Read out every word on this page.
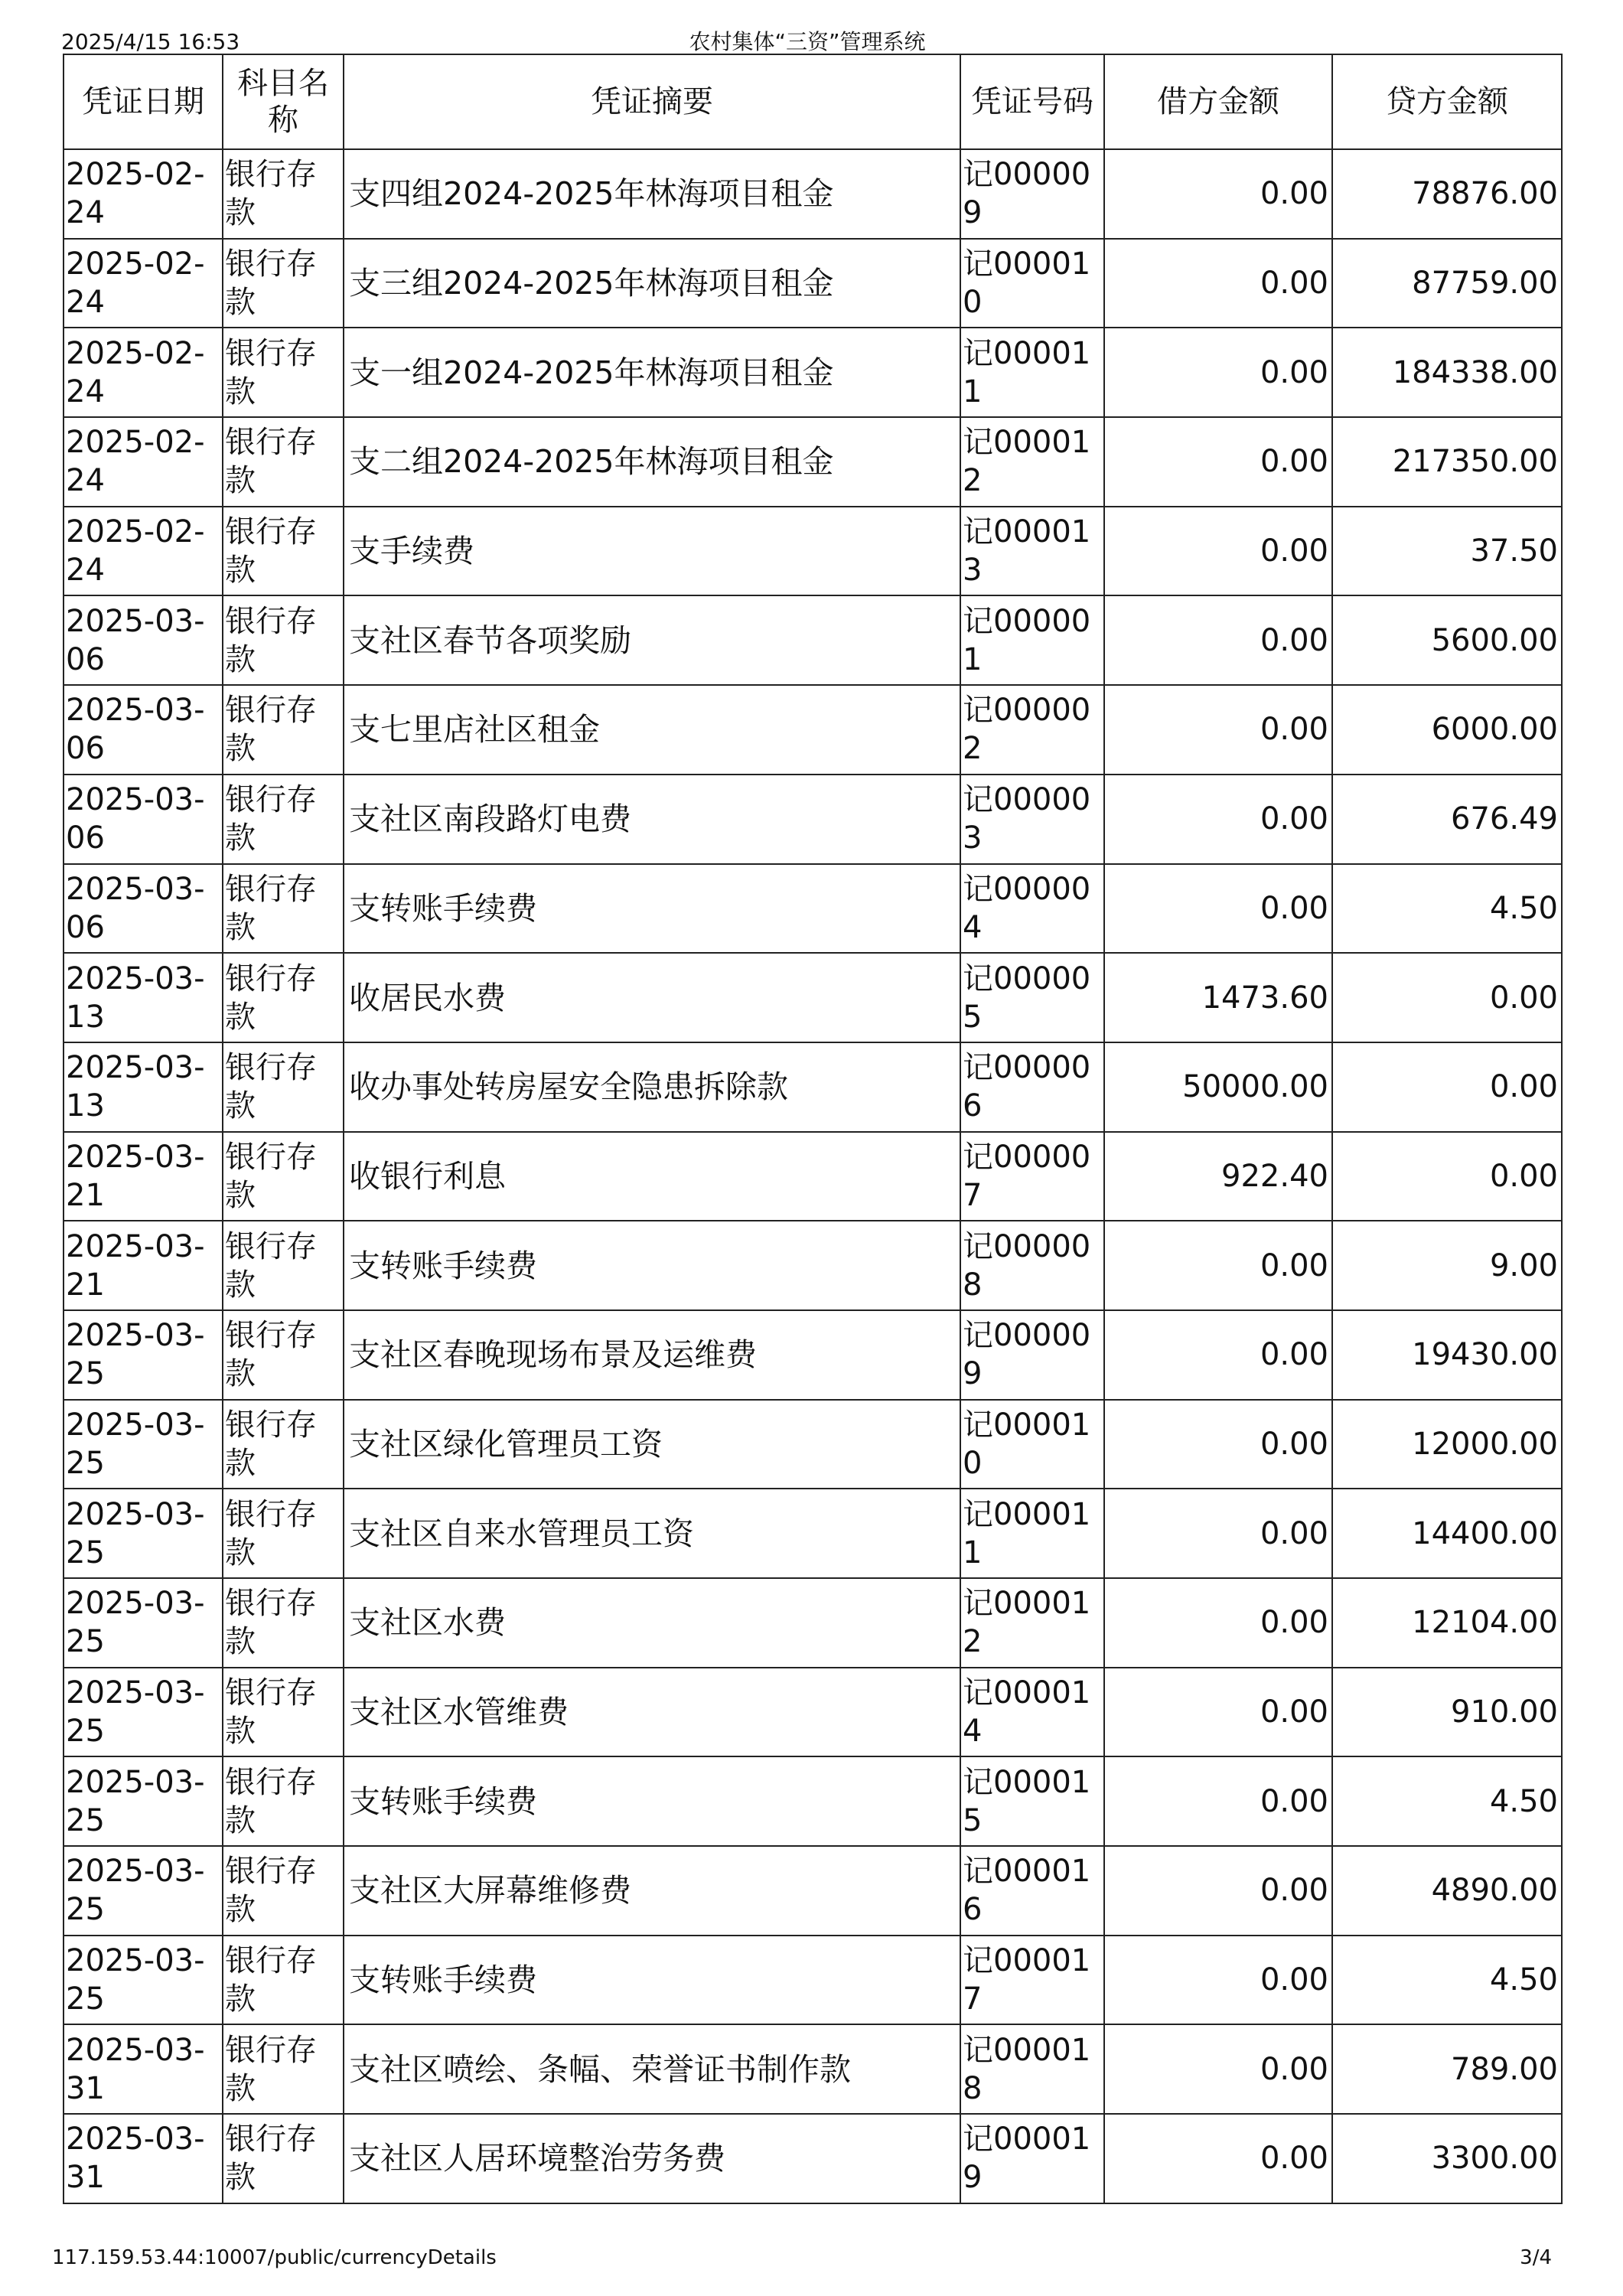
2025/4/15 16:53	农村集体“三资”管理系统
凭证日期	科目名称	凭证摘要	凭证号码	借方金额	贷方金额
2025-02-24	银行存款	支四组2024-2025年林海项目租金	记000009	0.00	78876.00
2025-02-24	银行存款	支三组2024-2025年林海项目租金	记000010	0.00	87759.00
2025-02-24	银行存款	支一组2024-2025年林海项目租金	记000011	0.00	184338.00
2025-02-24	银行存款	支二组2024-2025年林海项目租金	记000012	0.00	217350.00
2025-02-24	银行存款	支手续费	记000013	0.00	37.50
2025-03-06	银行存款	支社区春节各项奖励	记000001	0.00	5600.00
2025-03-06	银行存款	支七里店社区租金	记000002	0.00	6000.00
2025-03-06	银行存款	支社区南段路灯电费	记000003	0.00	676.49
2025-03-06	银行存款	支转账手续费	记000004	0.00	4.50
2025-03-13	银行存款	收居民水费	记000005	1473.60	0.00
2025-03-13	银行存款	收办事处转房屋安全隐患拆除款	记000006	50000.00	0.00
2025-03-21	银行存款	收银行利息	记000007	922.40	0.00
2025-03-21	银行存款	支转账手续费	记000008	0.00	9.00
2025-03-25	银行存款	支社区春晚现场布景及运维费	记000009	0.00	19430.00
2025-03-25	银行存款	支社区绿化管理员工资	记000010	0.00	12000.00
2025-03-25	银行存款	支社区自来水管理员工资	记000011	0.00	14400.00
2025-03-25	银行存款	支社区水费	记000012	0.00	12104.00
2025-03-25	银行存款	支社区水管维费	记000014	0.00	910.00
2025-03-25	银行存款	支转账手续费	记000015	0.00	4.50
2025-03-25	银行存款	支社区大屏幕维修费	记000016	0.00	4890.00
2025-03-25	银行存款	支转账手续费	记000017	0.00	4.50
2025-03-31	银行存款	支社区喷绘、条幅、荣誉证书制作款	记000018	0.00	789.00
2025-03-31	银行存款	支社区人居环境整治劳务费	记000019	0.00	3300.00
117.159.53.44:10007/public/currencyDetails	3/4
